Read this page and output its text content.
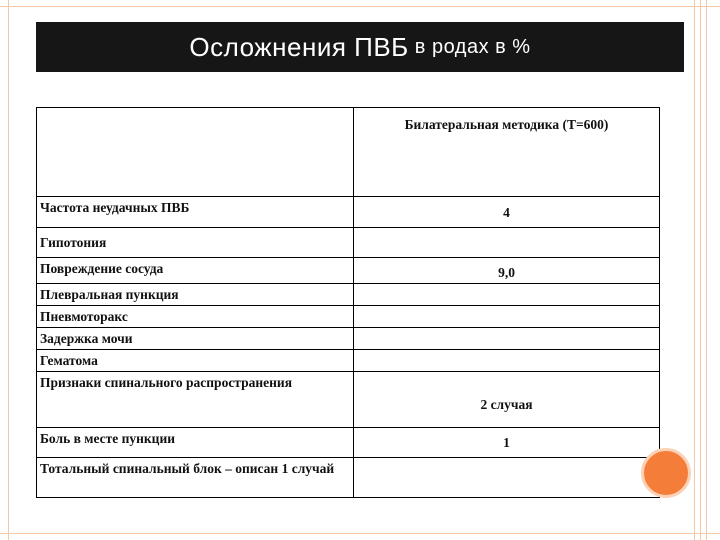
Осложнения ПВБ в родах в %
	Билатеральная методика (Т=600)
Частота неудачных ПВБ	4
Гипотония	
Повреждение сосуда	9,0
Плевральная пункция	
Пневмоторакс	
Задержка мочи	
Гематома	
Признаки спинального распространения	2 случая
Боль в месте пункции	1
Тотальный спинальный блок – описан 1 случай	
